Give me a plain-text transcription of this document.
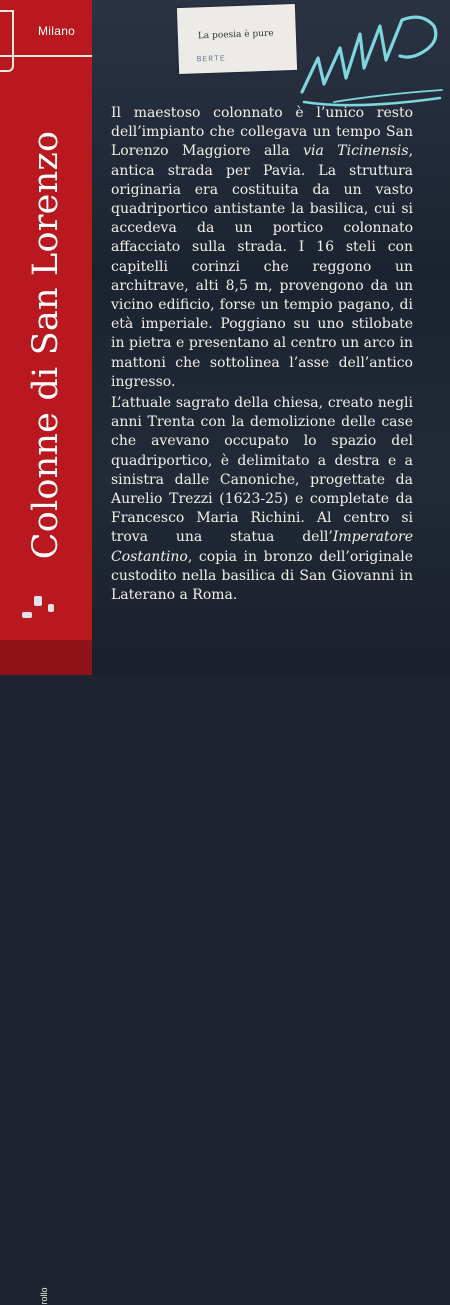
Milano
Colonne di San Lorenzo
rollo
La poesia è pure
BERTE

Il maestoso colonnato è l’unico resto dell’impianto che collegava un tempo San Lorenzo Maggiore alla via Ticinensis, antica strada per Pavia. La struttura originaria era costituita da un vasto quadriportico antistante la basilica, cui si accedeva da un portico colonnato affacciato sulla strada. I 16 steli con capitelli corinzi che reggono un architrave, alti 8,5 m, provengono da un vicino edificio, forse un tempio pagano, di età imperiale. Poggiano su uno stilobate in pietra e presentano al centro un arco in mattoni che sottolinea l’asse dell’antico ingresso.

L’attuale sagrato della chiesa, creato negli anni Trenta con la demolizione delle case che avevano occupato lo spazio del quadriportico, è delimitato a destra e a sinistra dalle Canoniche, progettate da Aurelio Trezzi (1623-25) e completate da Francesco Maria Richini. Al centro si trova una statua dell’Imperatore Costantino, copia in bronzo dell’originale custodito nella basilica di San Giovanni in Laterano a Roma.
